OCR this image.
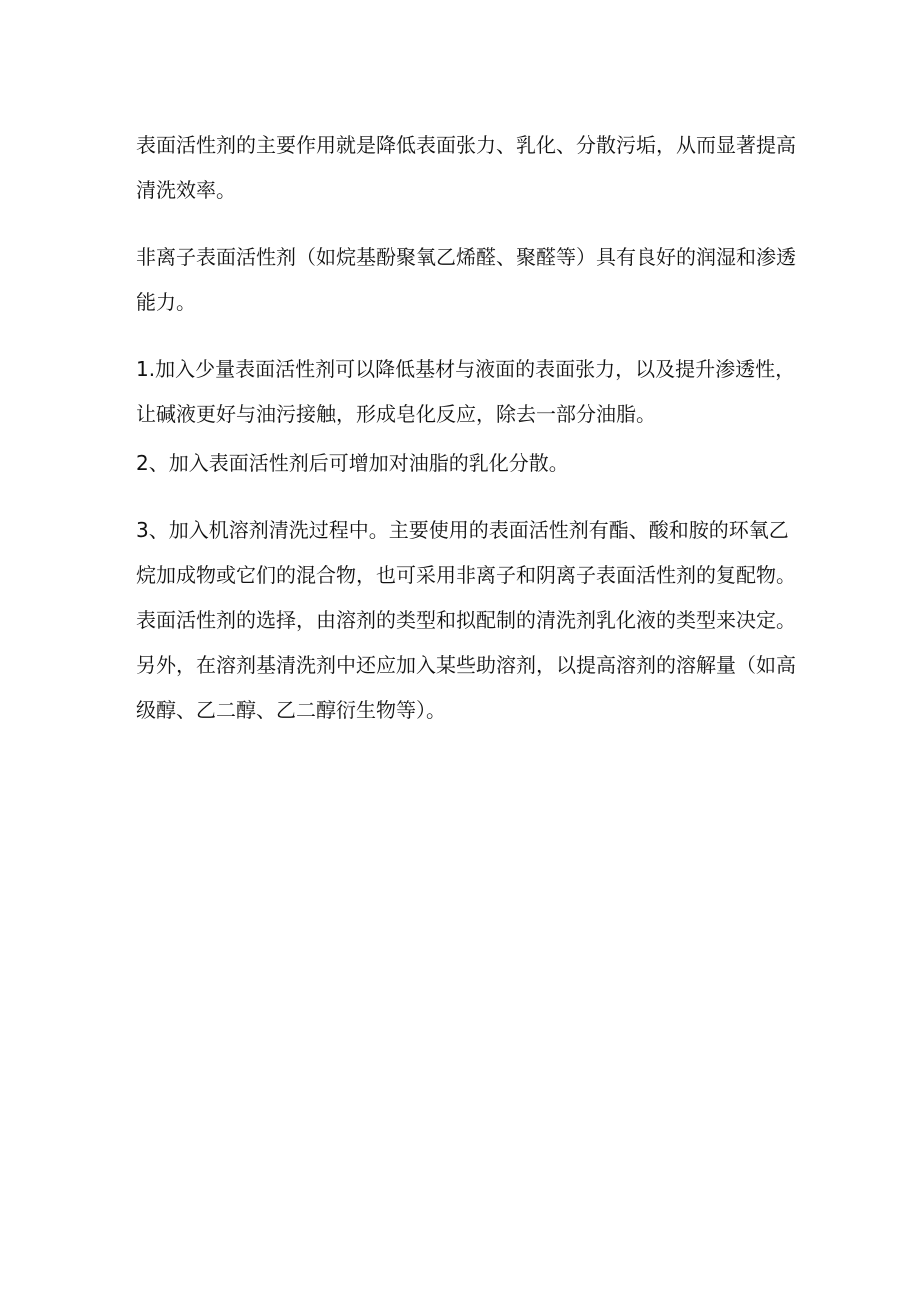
表面活性剂的主要作用就是降低表面张力、乳化、分散污垢，从而显著提高清洗效率。

非离子表面活性剂（如烷基酚聚氧乙烯醛、聚醛等）具有良好的润湿和渗透能力。

1.加入少量表面活性剂可以降低基材与液面的表面张力，以及提升渗透性，让碱液更好与油污接触，形成皂化反应，除去一部分油脂。

2、加入表面活性剂后可增加对油脂的乳化分散。

3、加入机溶剂清洗过程中。主要使用的表面活性剂有酯、酸和胺的环氧乙烷加成物或它们的混合物，也可采用非离子和阴离子表面活性剂的复配物。表面活性剂的选择，由溶剂的类型和拟配制的清洗剂乳化液的类型来决定。另外，在溶剂基清洗剂中还应加入某些助溶剂，以提高溶剂的溶解量（如高级醇、乙二醇、乙二醇衍生物等）。
